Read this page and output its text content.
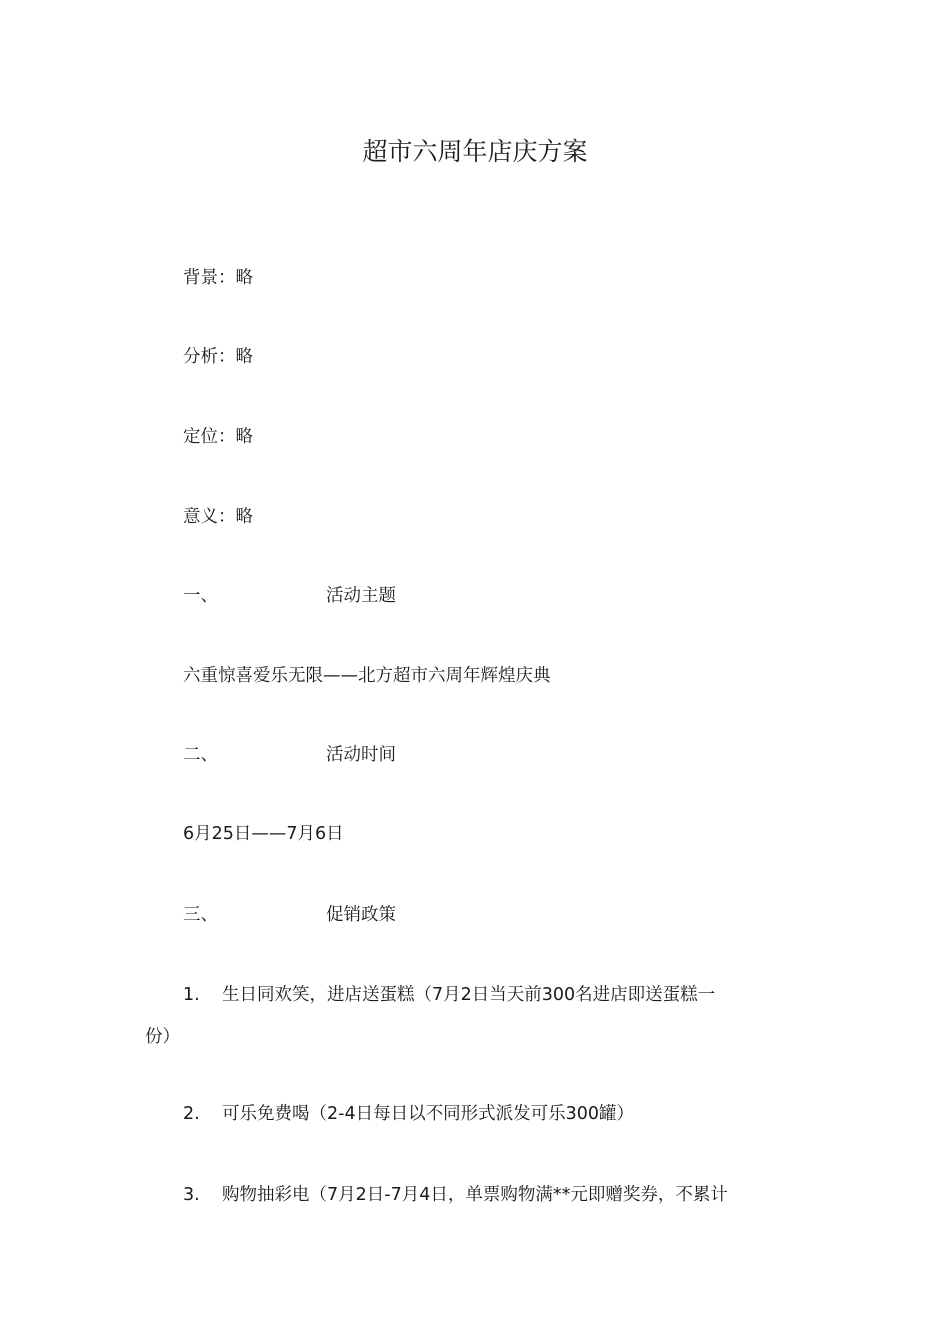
超市六周年店庆方案
背景：略
分析：略
定位：略
意义：略
一、	活动主题
六重惊喜爱乐无限——北方超市六周年辉煌庆典
二、	活动时间
6月25日——7月6日
三、	促销政策
1. 生日同欢笑，进店送蛋糕（7月2日当天前300名进店即送蛋糕一
份）
2. 可乐免费喝（2-4日每日以不同形式派发可乐300罐）
3. 购物抽彩电（7月2日-7月4日，单票购物满**元即赠奖券，不累计
